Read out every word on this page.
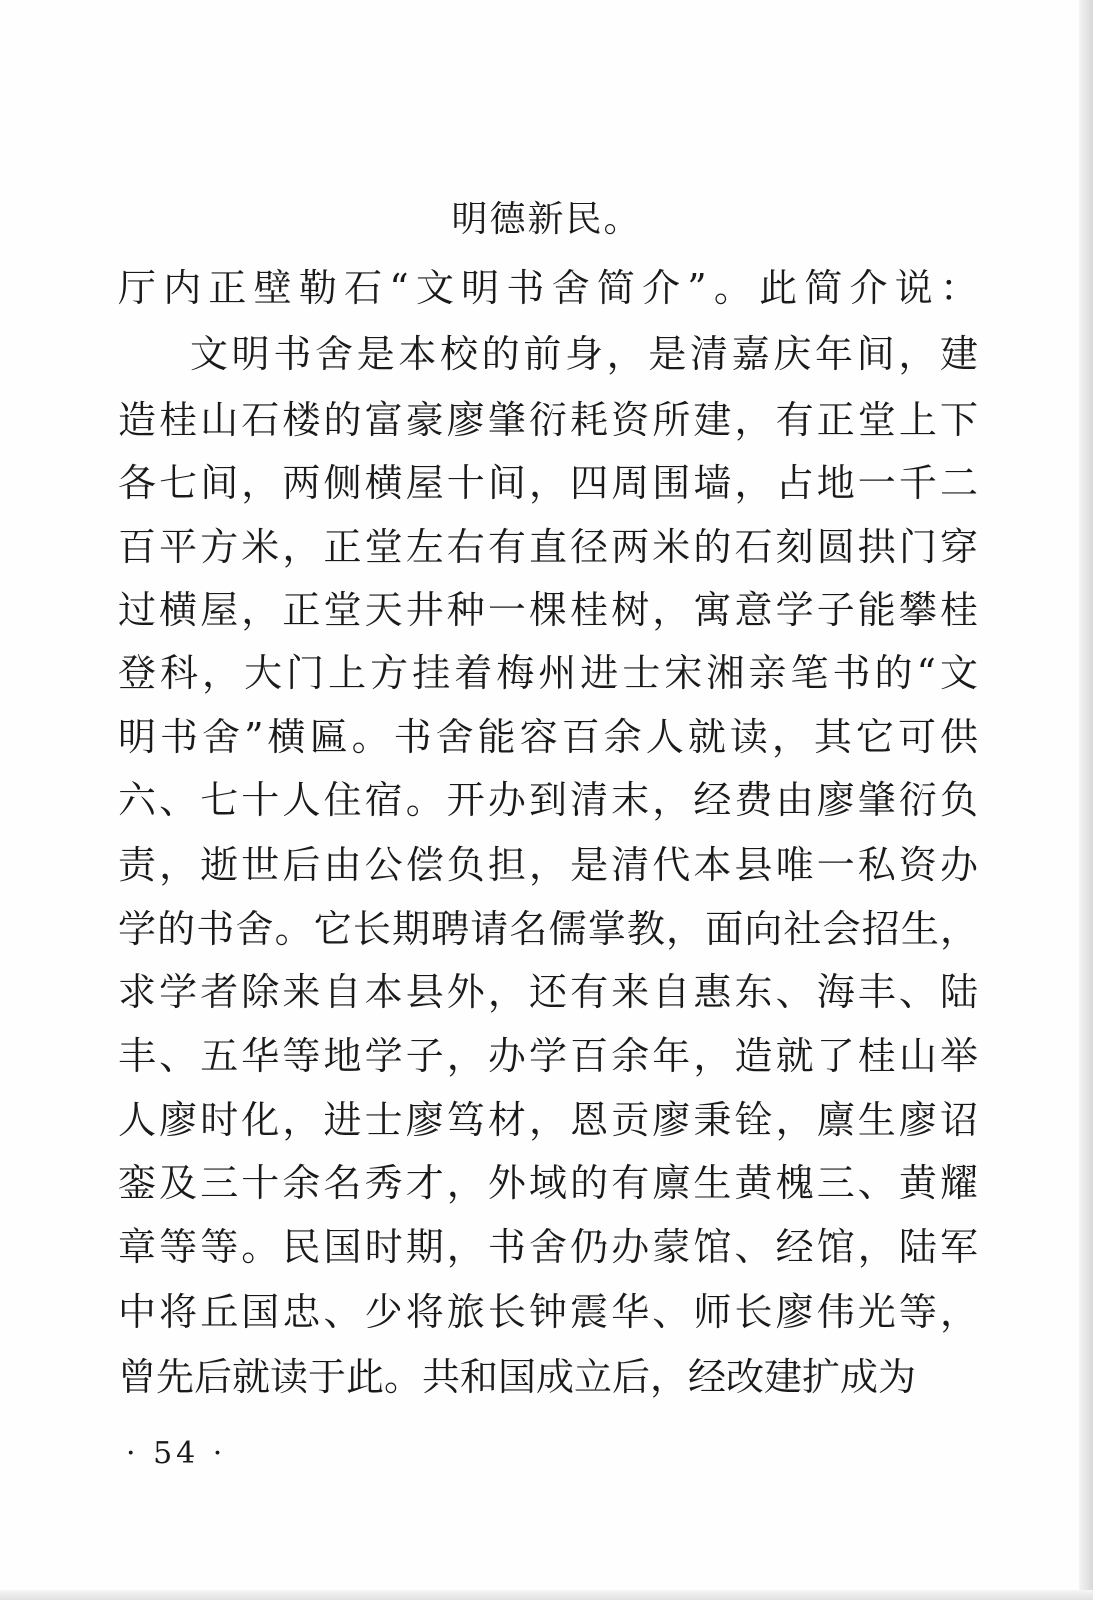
明德新民。
厅内正壁勒石“文明书舍简介”。此简介说：
文明书舍是本校的前身，是清嘉庆年间，建
造桂山石楼的富豪廖肇衍耗资所建，有正堂上下
各七间，两侧横屋十间，四周围墙，占地一千二
百平方米，正堂左右有直径两米的石刻圆拱门穿
过横屋，正堂天井种一棵桂树，寓意学子能攀桂
登科，大门上方挂着梅州进士宋湘亲笔书的“文
明书舍”横匾。书舍能容百余人就读，其它可供
六、七十人住宿。开办到清末，经费由廖肇衍负
责，逝世后由公偿负担，是清代本县唯一私资办
学的书舍。它长期聘请名儒掌教，面向社会招生，
求学者除来自本县外，还有来自惠东、海丰、陆
丰、五华等地学子，办学百余年，造就了桂山举
人廖时化，进士廖笃材，恩贡廖秉铨，廪生廖诏
銮及三十余名秀才，外域的有廪生黄槐三、黄耀
章等等。民国时期，书舍仍办蒙馆、经馆，陆军
中将丘国忠、少将旅长钟震华、师长廖伟光等，
曾先后就读于此。共和国成立后，经改建扩成为
· 54 ·
